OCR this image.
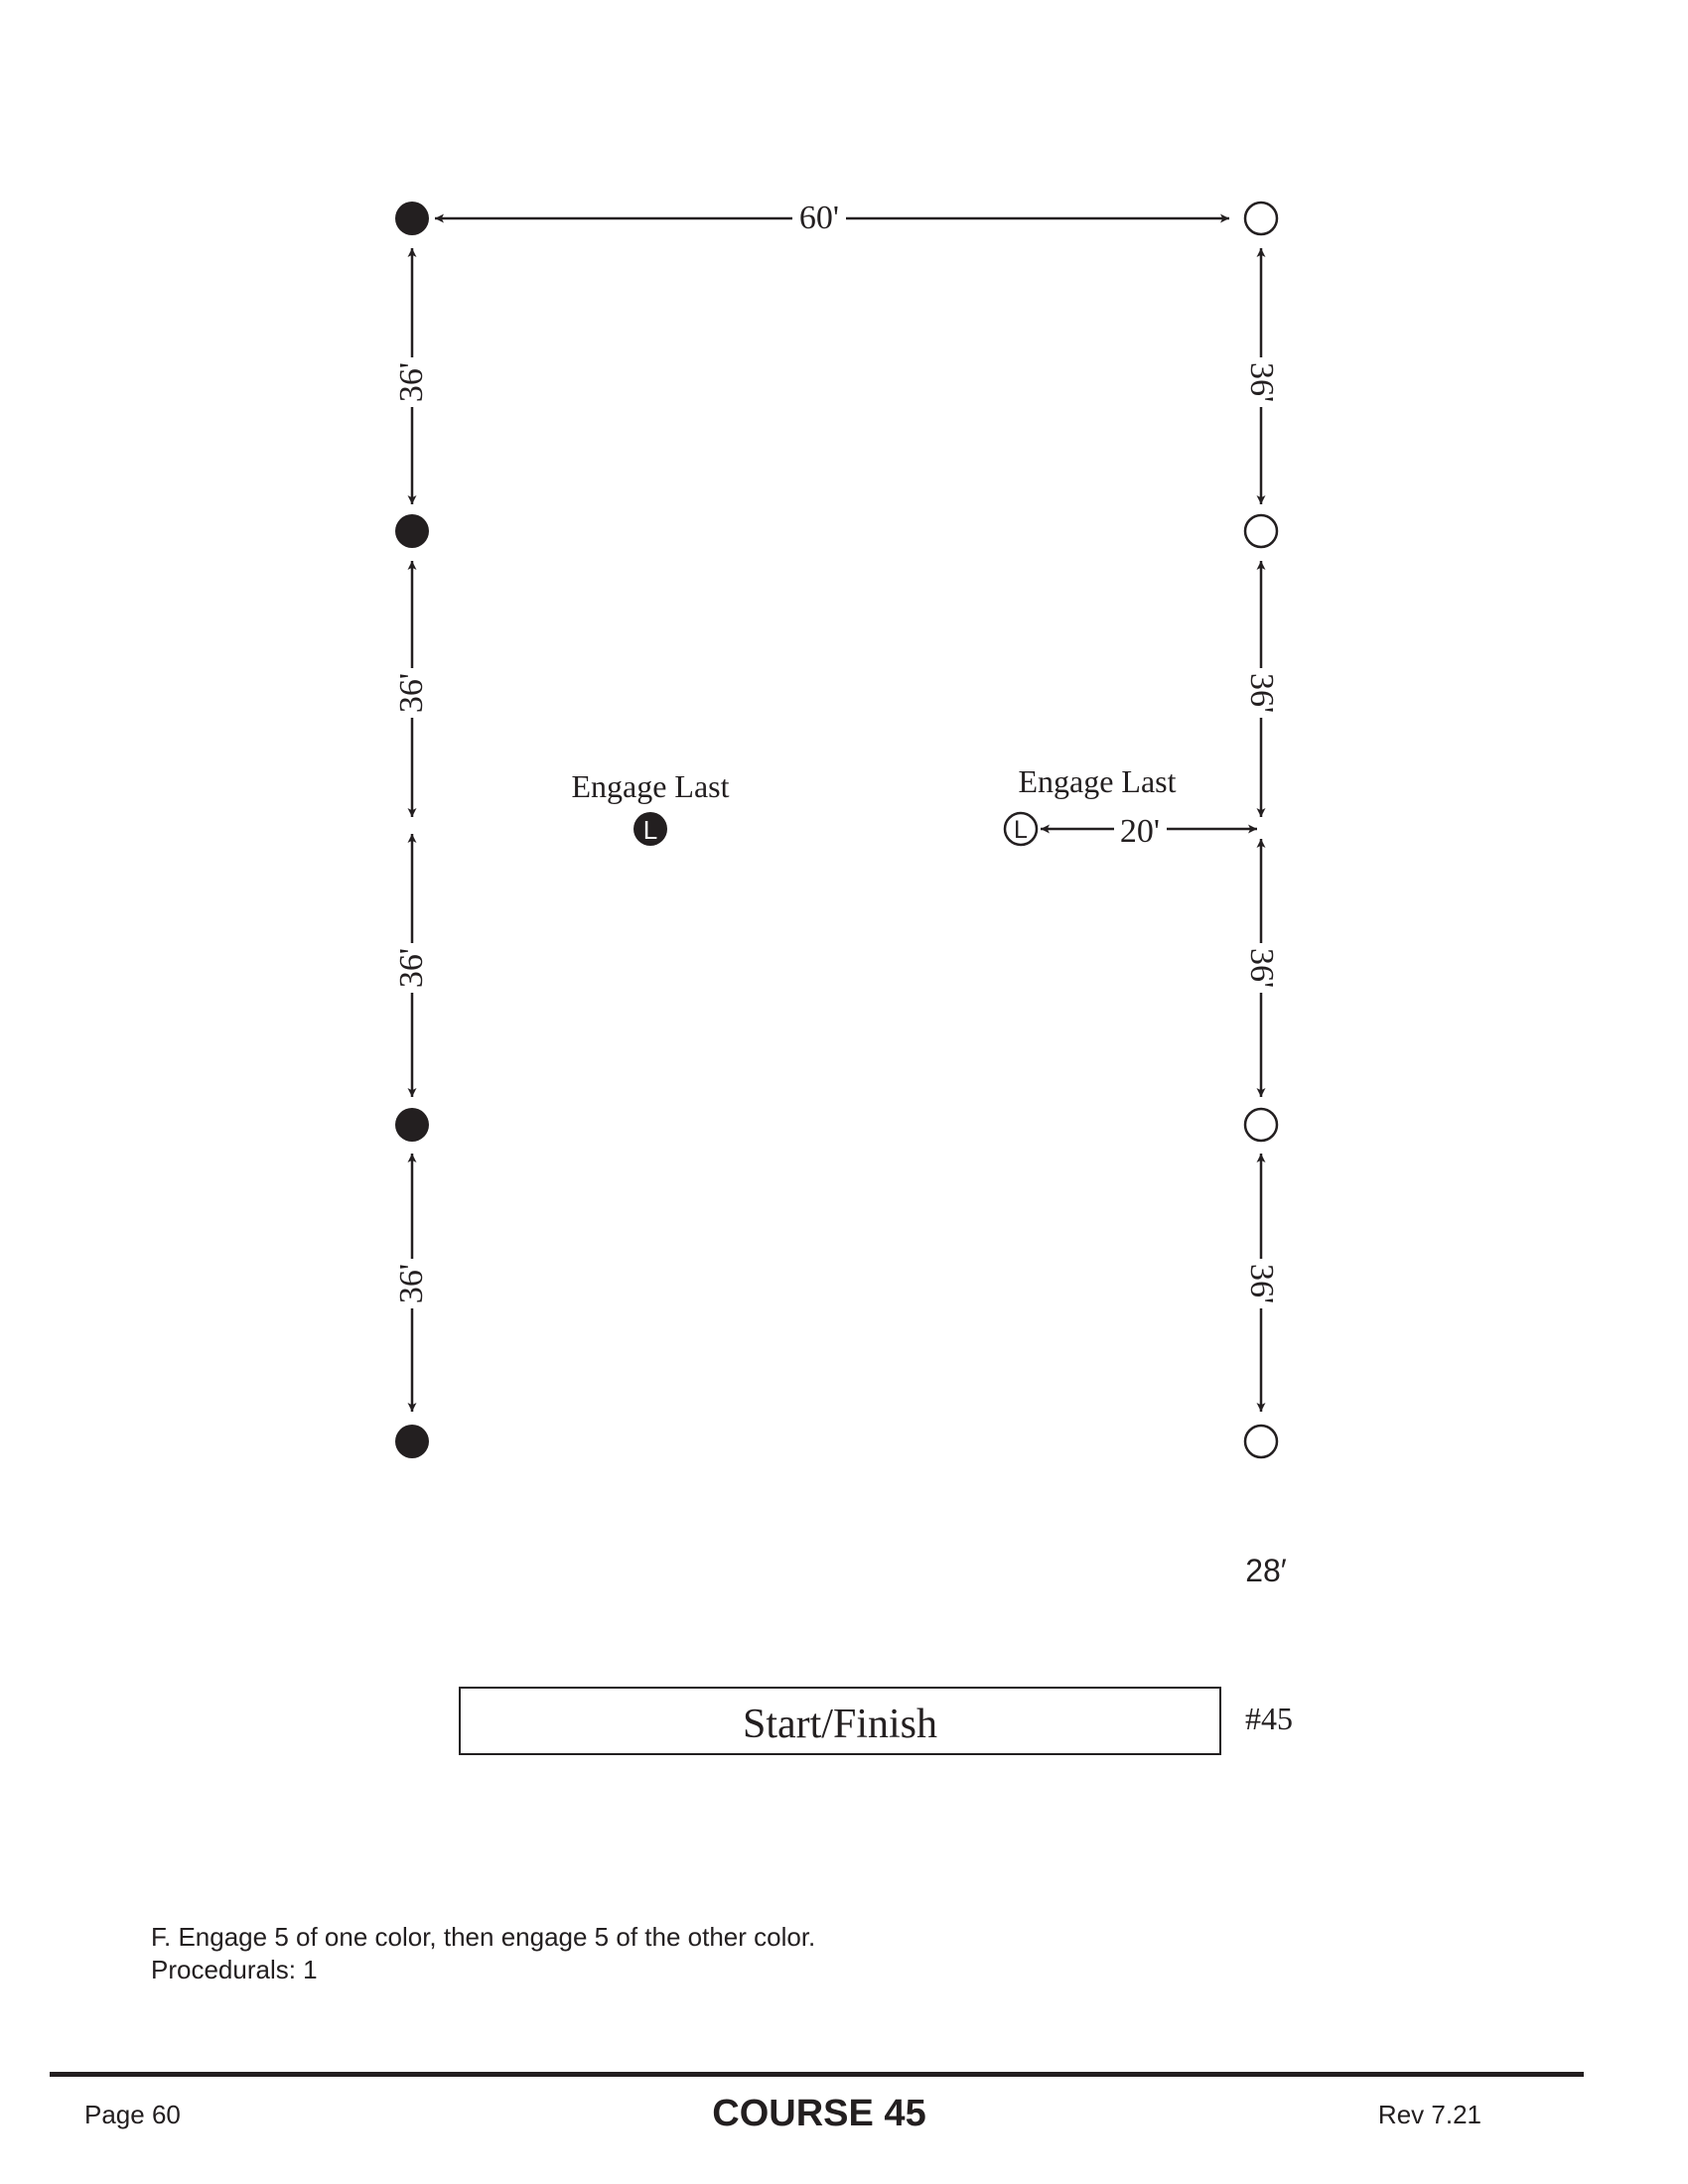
60'
36'
36'
36'
36'
36'
36'
36'
36'
Engage Last
L
Engage Last
L	20'
28′
Start/Finish	#45
F. Engage 5 of one color, then engage 5 of the other color.
Procedurals: 1
Page 60	COURSE 45	Rev 7.21
